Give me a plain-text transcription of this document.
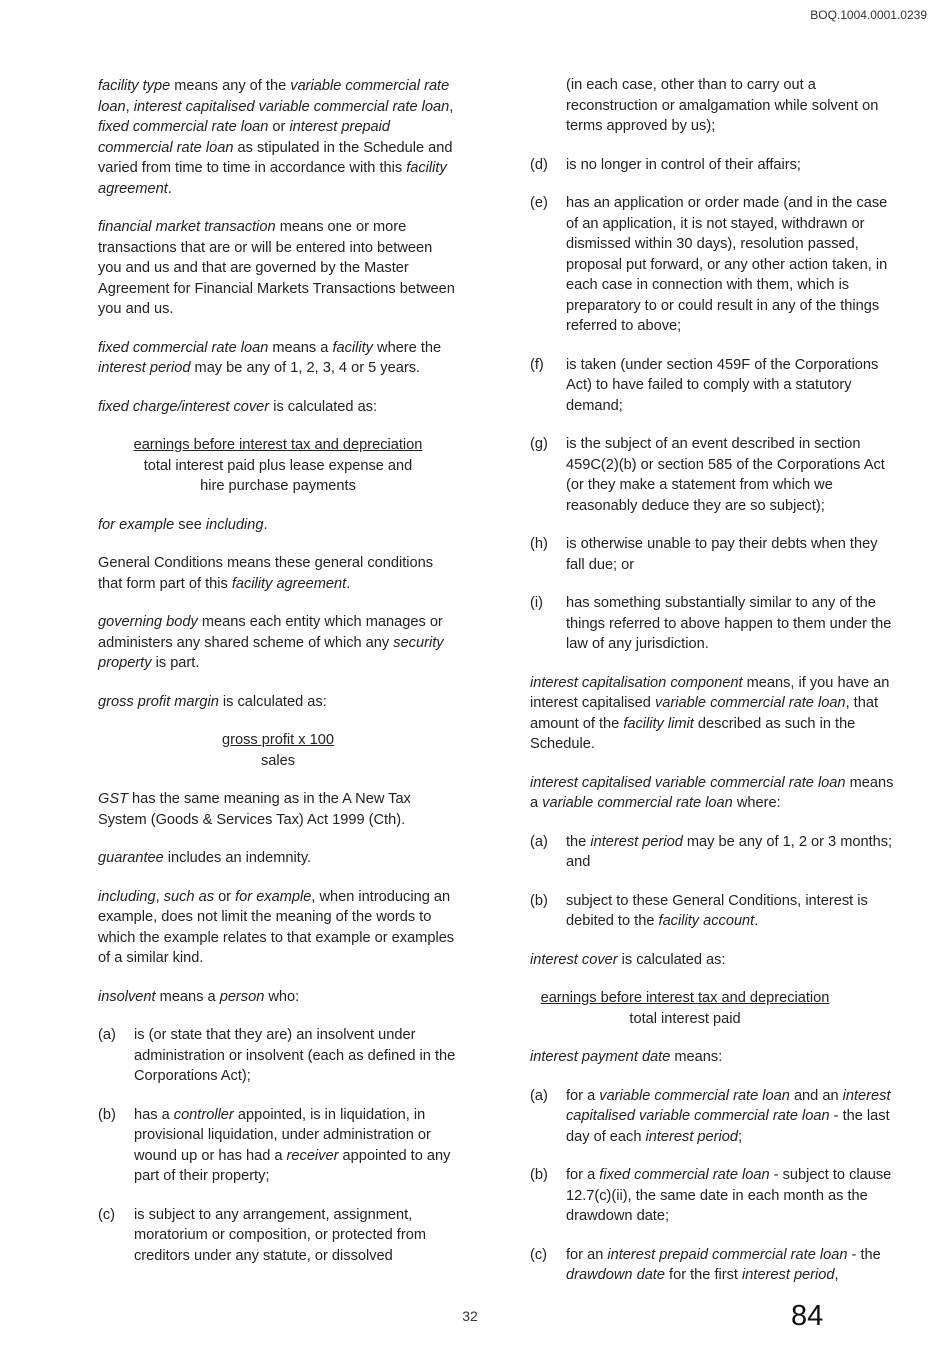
BOQ.1004.0001.0239

facility type means any of the variable commercial rate loan, interest capitalised variable commercial rate loan, fixed commercial rate loan or interest prepaid commercial rate loan as stipulated in the Schedule and varied from time to time in accordance with this facility agreement.

financial market transaction means one or more transactions that are or will be entered into between you and us and that are governed by the Master Agreement for Financial Markets Transactions between you and us.

fixed commercial rate loan means a facility where the interest period may be any of 1, 2, 3, 4 or 5 years.

fixed charge/interest cover is calculated as:

earnings before interest tax and depreciation
total interest paid plus lease expense and
hire purchase payments

for example see including.

General Conditions means these general conditions that form part of this facility agreement.

governing body means each entity which manages or administers any shared scheme of which any security property is part.

gross profit margin is calculated as:

gross profit x 100
sales

GST has the same meaning as in the A New Tax System (Goods & Services Tax) Act 1999 (Cth).

guarantee includes an indemnity.

including, such as or for example, when introducing an example, does not limit the meaning of the words to which the example relates to that example or examples of a similar kind.

insolvent means a person who:

(a) is (or state that they are) an insolvent under administration or insolvent (each as defined in the Corporations Act);
(b) has a controller appointed, is in liquidation, in provisional liquidation, under administration or wound up or has had a receiver appointed to any part of their property;
(c) is subject to any arrangement, assignment, moratorium or composition, or protected from creditors under any statute, or dissolved
(in each case, other than to carry out a reconstruction or amalgamation while solvent on terms approved by us);
(d) is no longer in control of their affairs;
(e) has an application or order made (and in the case of an application, it is not stayed, withdrawn or dismissed within 30 days), resolution passed, proposal put forward, or any other action taken, in each case in connection with them, which is preparatory to or could result in any of the things referred to above;
(f) is taken (under section 459F of the Corporations Act) to have failed to comply with a statutory demand;
(g) is the subject of an event described in section 459C(2)(b) or section 585 of the Corporations Act (or they make a statement from which we reasonably deduce they are so subject);
(h) is otherwise unable to pay their debts when they fall due; or
(i) has something substantially similar to any of the things referred to above happen to them under the law of any jurisdiction.

interest capitalisation component means, if you have an interest capitalised variable commercial rate loan, that amount of the facility limit described as such in the Schedule.

interest capitalised variable commercial rate loan means a variable commercial rate loan where:

(a) the interest period may be any of 1, 2 or 3 months; and
(b) subject to these General Conditions, interest is debited to the facility account.

interest cover is calculated as:

earnings before interest tax and depreciation
total interest paid

interest payment date means:

(a) for a variable commercial rate loan and an interest capitalised variable commercial rate loan - the last day of each interest period;
(b) for a fixed commercial rate loan - subject to clause 12.7(c)(ii), the same date in each month as the drawdown date;
(c) for an interest prepaid commercial rate loan - the drawdown date for the first interest period,
32	84
